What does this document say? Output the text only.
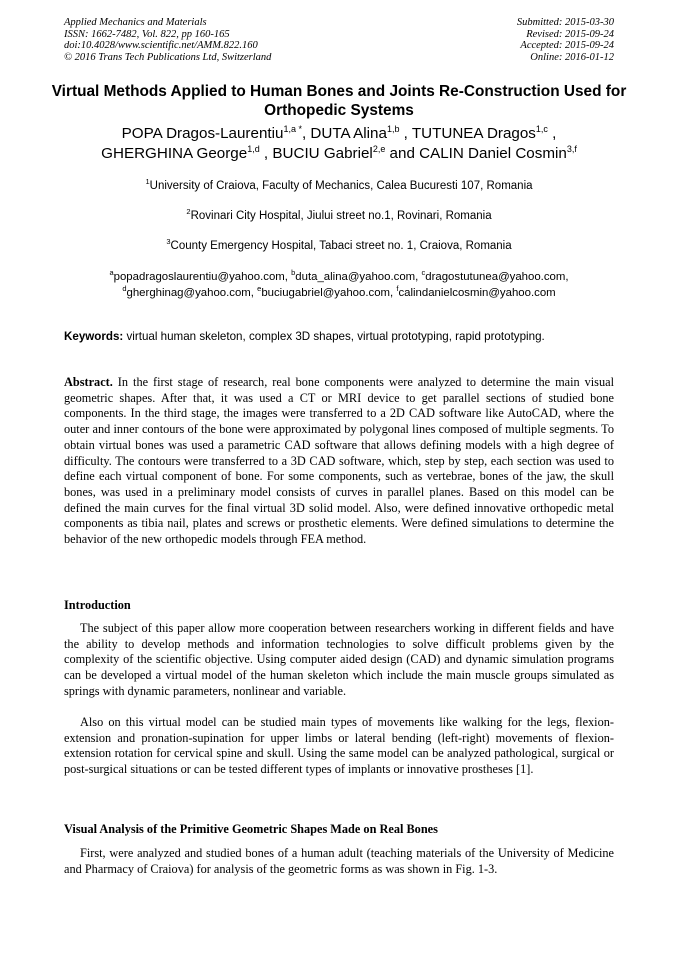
Applied Mechanics and Materials
ISSN: 1662-7482, Vol. 822, pp 160-165
doi:10.4028/www.scientific.net/AMM.822.160
© 2016 Trans Tech Publications Ltd, Switzerland
Submitted: 2015-03-30
Revised: 2015-09-24
Accepted: 2015-09-24
Online: 2016-01-12
Virtual Methods Applied to Human Bones and Joints Re-Construction Used for Orthopedic Systems
POPA Dragos-Laurentiu$^{1,a *}$, DUTA Alina$^{1,b}$ , TUTUNEA Dragos$^{1,c}$ ,
GHERGHINA George$^{1,d}$ , BUCIU Gabriel$^{2,e}$ and CALIN Daniel Cosmin$^{3,f}$
$^1$University of Craiova, Faculty of Mechanics, Calea Bucuresti 107, Romania
$^2$Rovinari City Hospital, Jiului street no.1, Rovinari, Romania
$^3$County Emergency Hospital, Tabaci street no. 1, Craiova, Romania
$^a$popadragoslaurentiu@yahoo.com, $^b$duta_alina@yahoo.com, $^c$dragostutunea@yahoo.com,
$^d$gherghinag@yahoo.com, $^e$buciugabriel@yahoo.com, $^f$calindanielcosmin@yahoo.com
Keywords: virtual human skeleton, complex 3D shapes, virtual prototyping, rapid prototyping.
Abstract. In the first stage of research, real bone components were analyzed to determine the main visual geometric shapes. After that, it was used a CT or MRI device to get parallel sections of studied bone components. In the third stage, the images were transferred to a 2D CAD software like AutoCAD, where the outer and inner contours of the bone were approximated by polygonal lines composed of multiple segments. To obtain virtual bones was used a parametric CAD software that allows defining models with a high degree of difficulty. The contours were transferred to a 3D CAD software, which, step by step, each section was used to define each virtual component of bone. For some components, such as vertebrae, bones of the jaw, the skull bones, was used in a preliminary model consists of curves in parallel planes. Based on this model can be defined the main curves for the final virtual 3D solid model. Also, were defined innovative orthopedic metal components as tibia nail, plates and screws or prosthetic elements. Were defined simulations to determine the behavior of the new orthopedic models through FEA method.
Introduction
The subject of this paper allow more cooperation between researchers working in different fields and have the ability to develop methods and information technologies to solve difficult problems given by the complexity of the scientific objective. Using computer aided design (CAD) and dynamic simulation programs can be developed a virtual model of the human skeleton which include the main muscle groups simulated as springs with dynamic parameters, nonlinear and variable.
Also on this virtual model can be studied main types of movements like walking for the legs, flexion-extension and pronation-supination for upper limbs or lateral bending (left-right) movements of flexion-extension rotation for cervical spine and skull. Using the same model can be analyzed pathological, surgical or post-surgical situations or can be tested different types of implants or innovative prostheses [1].
Visual Analysis of the Primitive Geometric Shapes Made on Real Bones
First, were analyzed and studied bones of a human adult (teaching materials of the University of Medicine and Pharmacy of Craiova) for analysis of the geometric forms as was shown in Fig. 1-3.
